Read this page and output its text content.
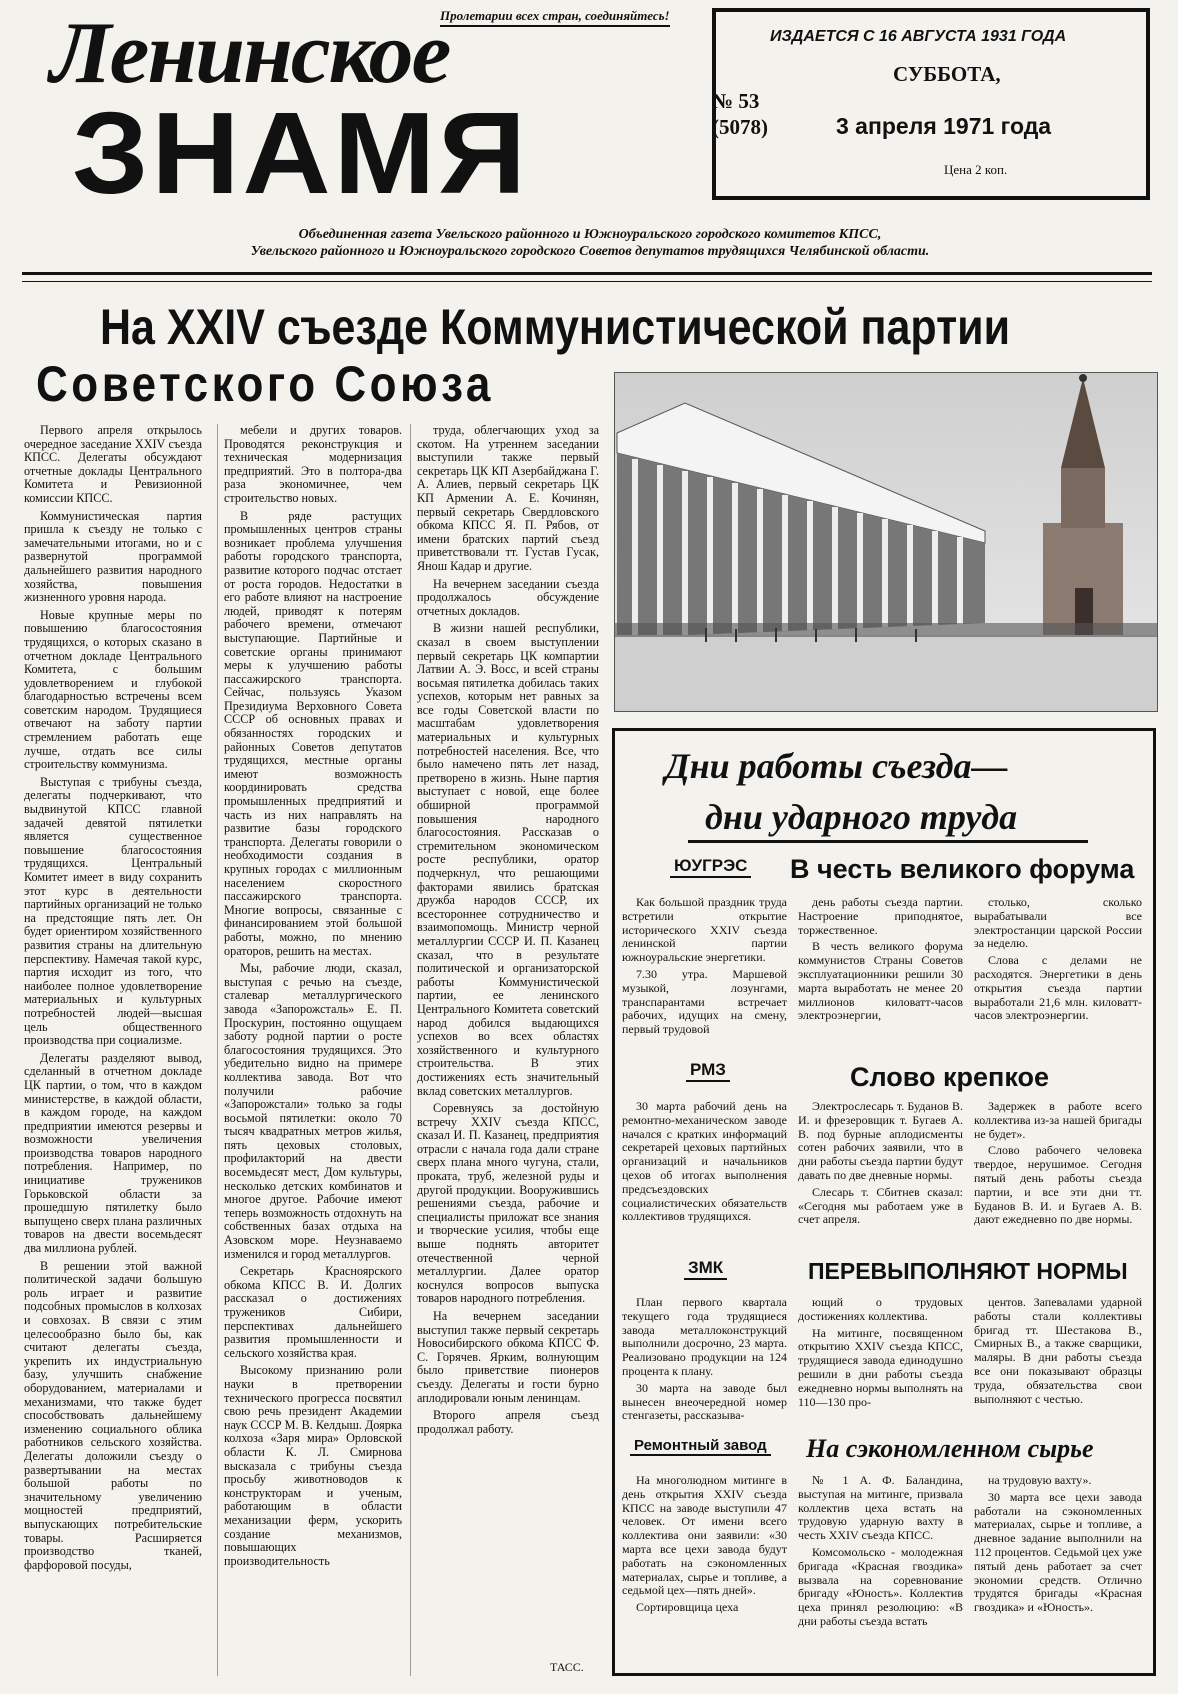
Пролетарии всех стран, соединяйтесь!
Ленинское
ЗНАМЯ	№ 53
(5078)
ИЗДАЕТСЯ С 16 АВГУСТА 1931 ГОДА
СУББОТА,
3 апреля 1971 года
Цена 2 коп.
Объединенная газета Увельского районного и Южноуральского городского комитетов КПСС,
Увельского районного и Южноуральского городского Советов депутатов трудящихся Челябинской области.
На XXIV съезде Коммунистической партии
Советского Союза

Первого апреля открылось очередное заседание XXIV съезда КПСС. Делегаты обсуждают отчетные доклады Центрального Комитета и Ревизионной комиссии КПСС.

Коммунистическая партия пришла к съезду не только с замечательными итогами, но и с развернутой программой дальнейшего развития народного хозяйства, повышения жизненного уровня народа.

Новые крупные меры по повышению благосостояния трудящихся, о которых сказано в отчетном докладе Центрального Комитета, с большим удовлетворением и глубокой благодарностью встречены всем советским народом. Трудящиеся отвечают на заботу партии стремлением работать еще лучше, отдать все силы строительству коммунизма.

Выступая с трибуны съезда, делегаты подчеркивают, что выдвинутой КПСС главной задачей девятой пятилетки является существенное повышение благосостояния трудящихся. Центральный Комитет имеет в виду сохранить этот курс в деятельности партийных организаций не только на предстоящие пять лет. Он будет ориентиром хозяйственного развития страны на длительную перспективу. Намечая такой курс, партия исходит из того, что наиболее полное удовлетворение материальных и культурных потребностей людей—высшая цель общественного производства при социализме.

Делегаты разделяют вывод, сделанный в отчетном докладе ЦК партии, о том, что в каждом министерстве, в каждой области, в каждом городе, на каждом предприятии имеются резервы и возможности увеличения производства товаров народного потребления. Например, по инициативе тружеников Горьковской области за прошедшую пятилетку было выпущено сверх плана различных товаров на двести восемьдесят два миллиона рублей.

В решении этой важной политической задачи большую роль играет и развитие подсобных промыслов в колхозах и совхозах. В связи с этим целесообразно было бы, как считают делегаты съезда, укрепить их индустриальную базу, улучшить снабжение оборудованием, материалами и механизмами, что также будет способствовать дальнейшему изменению социального облика работников сельского хозяйства. Делегаты доложили съезду о развертывании на местах большой работы по значительному увеличению мощностей предприятий, выпускающих потребительские товары. Расширяется производство тканей, фарфоровой посуды,

мебели и других товаров. Проводятся реконструкция и техническая модернизация предприятий. Это в полтора-два раза экономичнее, чем строительство новых.

В ряде растущих промышленных центров страны возникает проблема улучшения работы городского транспорта, развитие которого подчас отстает от роста городов. Недостатки в его работе влияют на настроение людей, приводят к потерям рабочего времени, отмечают выступающие. Партийные и советские органы принимают меры к улучшению работы пассажирского транспорта. Сейчас, пользуясь Указом Президиума Верховного Совета СССР об основных правах и обязанностях городских и районных Советов депутатов трудящихся, местные органы имеют возможность координировать средства промышленных предприятий и часть из них направлять на развитие базы городского транспорта. Делегаты говорили о необходимости создания в крупных городах с миллионным населением скоростного пассажирского транспорта. Многие вопросы, связанные с финансированием этой большой работы, можно, по мнению ораторов, решить на местах.

Мы, рабочие люди, сказал, выступая с речью на съезде, сталевар металлургического завода «Запорожсталь» Е. П. Проскурин, постоянно ощущаем заботу родной партии о росте благосостояния трудящихся. Это убедительно видно на примере коллектива завода. Вот что получили рабочие «Запорожстали» только за годы восьмой пятилетки: около 70 тысяч квадратных метров жилья, пять цеховых столовых, профилакторий на двести восемьдесят мест, Дом культуры, несколько детских комбинатов и многое другое. Рабочие имеют теперь возможность отдохнуть на собственных базах отдыха на Азовском море. Неузнаваемо изменился и город металлургов.

Секретарь Красноярского обкома КПСС В. И. Долгих рассказал о достижениях тружеников Сибири, перспективах дальнейшего развития промышленности и сельского хозяйства края.

Высокому признанию роли науки в претворении технического прогресса посвятил свою речь президент Академии наук СССР М. В. Келдыш. Доярка колхоза «Заря мира» Орловской области К. Л. Смирнова высказала с трибуны съезда просьбу животноводов к конструкторам и ученым, работающим в области механизации ферм, ускорить создание механизмов, повышающих производительность

труда, облегчающих уход за скотом. На утреннем заседании выступили также первый секретарь ЦК КП Азербайджана Г. А. Алиев, первый секретарь ЦК КП Армении А. Е. Кочинян, первый секретарь Свердловского обкома КПСС Я. П. Рябов, от имени братских партий съезд приветствовали тт. Густав Гусак, Янош Кадар и другие.

На вечернем заседании съезда продолжалось обсуждение отчетных докладов.

В жизни нашей республики, сказал в своем выступлении первый секретарь ЦК компартии Латвии А. Э. Восс, и всей страны восьмая пятилетка добилась таких успехов, которым нет равных за все годы Советской власти по масштабам удовлетворения материальных и культурных потребностей населения. Все, что было намечено пять лет назад, претворено в жизнь. Ныне партия выступает с новой, еще более обширной программой повышения народного благосостояния. Рассказав о стремительном экономическом росте республики, оратор подчеркнул, что решающими факторами явились братская дружба народов СССР, их всестороннее сотрудничество и взаимопомощь. Министр черной металлургии СССР И. П. Казанец сказал, что в результате политической и организаторской работы Коммунистической партии, ее ленинского Центрального Комитета советский народ добился выдающихся успехов во всех областях хозяйственного и культурного строительства. В этих достижениях есть значительный вклад советских металлургов.

Соревнуясь за достойную встречу XXIV съезда КПСС, сказал И. П. Казанец, предприятия отрасли с начала года дали стране сверх плана много чугуна, стали, проката, труб, железной руды и другой продукции. Вооружившись решениями съезда, рабочие и специалисты приложат все знания и творческие усилия, чтобы еще выше поднять авторитет отечественной черной металлургии. Далее оратор коснулся вопросов выпуска товаров народного потребления.

На вечернем заседании выступил также первый секретарь Новосибирского обкома КПСС Ф. С. Горячев. Ярким, волнующим было приветствие пионеров съезду. Делегаты и гости бурно аплодировали юным ленинцам.

Второго апреля съезд продолжал работу.

ТАСС.
Дни работы съезда—
дни ударного труда
ЮУГРЭС В честь великого форума

Как большой праздник труда встретили открытие исторического XXIV съезда ленинской партии южноуральские энергетики.

7.30 утра. Маршевой музыкой, лозунгами, транспарантами встречает рабочих, идущих на смену, первый трудовой

день работы съезда партии. Настроение приподнятое, торжественное.

В честь великого форума коммунистов Страны Советов эксплуатационники решили 30 марта выработать не менее 20 миллионов киловатт-часов электроэнергии,

столько, сколько вырабатывали все электростанции царской России за неделю.

Слова с делами не расходятся. Энергетики в день открытия съезда партии выработали 21,6 млн. киловатт-часов электроэнергии.

РМЗ	Слово крепкое

30 марта рабочий день на ремонтно-механическом заводе начался с кратких информаций секретарей цеховых партийных организаций и начальников цехов об итогах выполнения предсъездовских социалистических обязательств коллективов трудящихся.

Электрослесарь т. Буданов В. И. и фрезеровщик т. Бугаев А. В. под бурные аплодисменты сотен рабочих заявили, что в дни работы съезда партии будут давать по две дневные нормы.

Слесарь т. Сбитнев сказал: «Сегодня мы работаем уже в счет апреля.

Задержек в работе всего коллектива из-за нашей бригады не будет».

Слово рабочего человека твердое, нерушимое. Сегодня пятый день работы съезда партии, и все эти дни тт. Буданов В. И. и Бугаев А. В. дают ежедневно по две нормы.

ЗМК	ПЕРЕВЫПОЛНЯЮТ НОРМЫ

План первого квартала текущего года трудящиеся завода металлоконструкций выполнили досрочно, 23 марта. Реализовано продукции на 124 процента к плану.

30 марта на заводе был вынесен внеочередной номер стенгазеты, рассказыва-

ющий о трудовых достижениях коллектива.

На митинге, посвященном открытию XXIV съезда КПСС, трудящиеся завода единодушно решили в дни работы съезда ежедневно нормы выполнять на 110—130 про-

центов. Запевалами ударной работы стали коллективы бригад тт. Шестакова В., Смирных В., а также сварщики, маляры. В дни работы съезда все они показывают образцы труда, обязательства свои выполняют с честью.

Ремонтный завод На сэкономленном сырье

На многолюдном митинге в день открытия XXIV съезда КПСС на заводе выступили 47 человек. От имени всего коллектива они заявили: «30 марта все цехи завода будут работать на сэкономленных материалах, сырье и топливе, а седьмой цех—пять дней».

Сортировщица цеха

№ 1 А. Ф. Баландина, выступая на митинге, призвала коллектив цеха встать на трудовую ударную вахту в честь XXIV съезда КПСС.

Комсомольско - молодежная бригада «Красная гвоздика» вызвала на соревнование бригаду «Юность». Коллектив цеха принял резолюцию: «В дни работы съезда встать

на трудовую вахту».

30 марта все цехи завода работали на сэкономленных материалах, сырье и топливе, а дневное задание выполнили на 112 процентов. Седьмой цех уже пятый день работает за счет экономии средств. Отлично трудятся бригады «Красная гвоздика» и «Юность».
